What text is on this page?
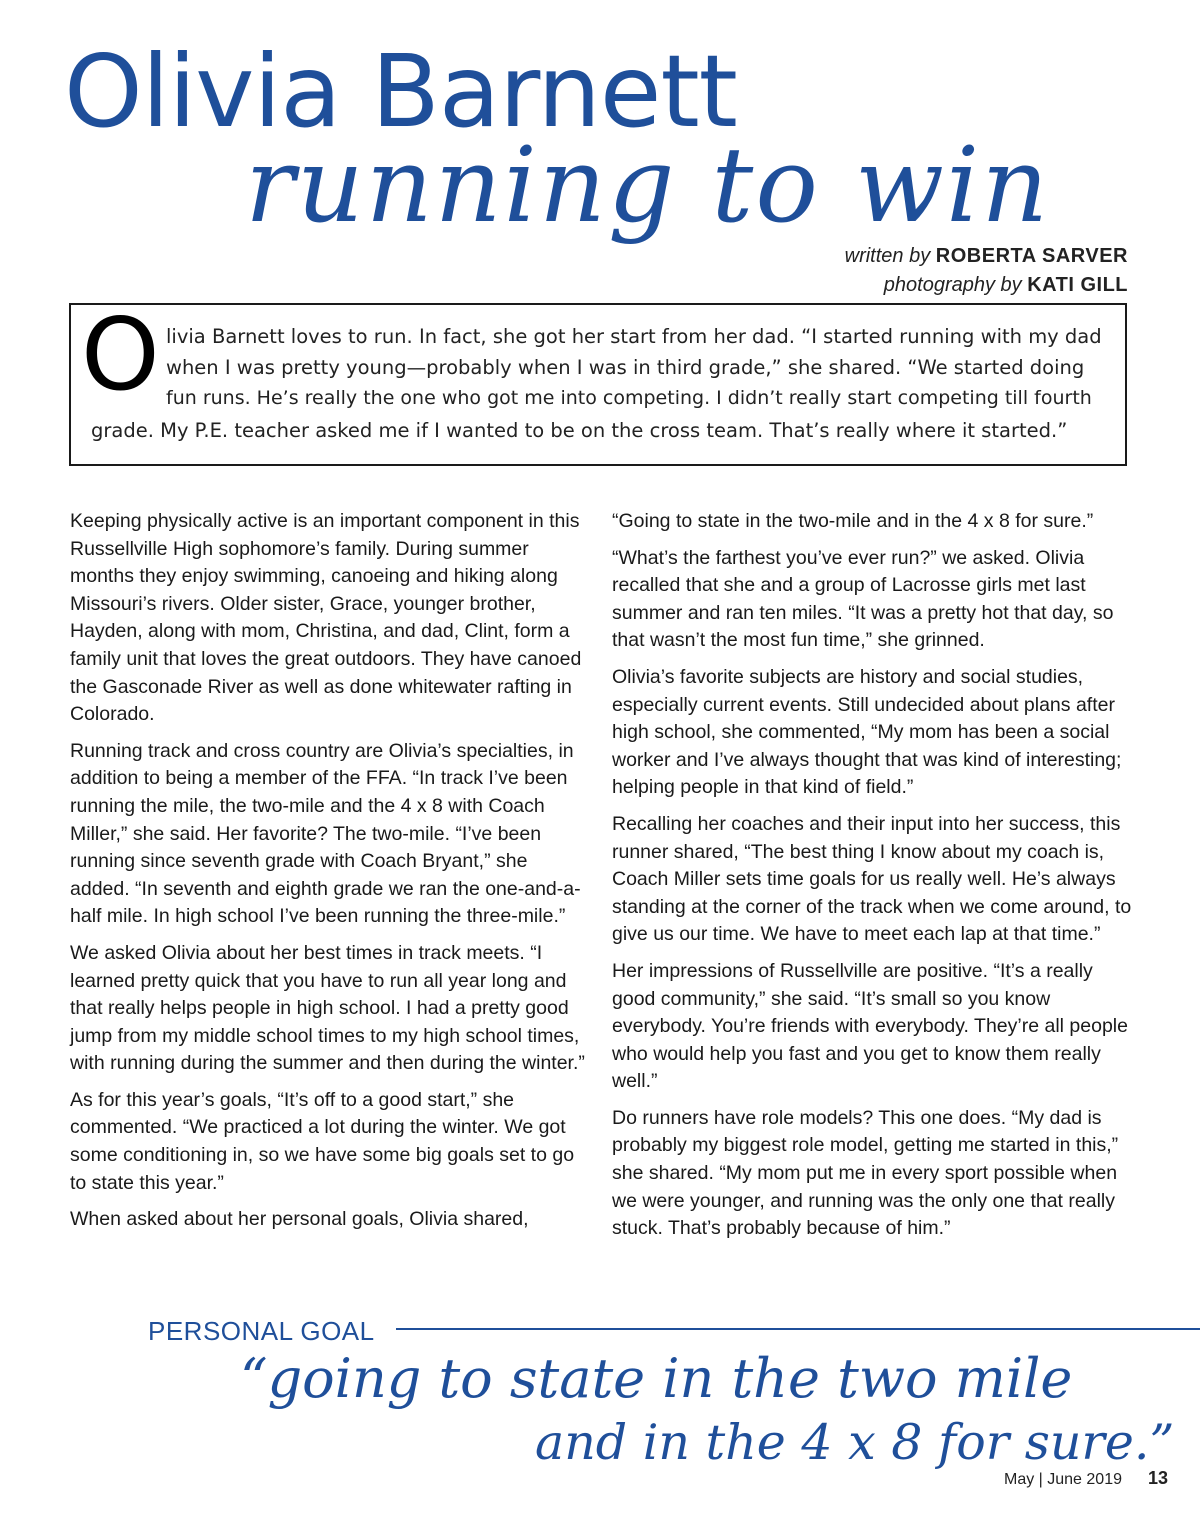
Olivia Barnett
running to win
written by ROBERTA SARVER
photography by KATI GILL
O livia Barnett loves to run. In fact, she got her start from her dad. “I started running with my dad
when I was pretty young—probably when I was in third grade,” she shared. “We started doing
fun runs. He’s really the one who got me into competing. I didn’t really start competing till fourth
grade. My P.E. teacher asked me if I wanted to be on the cross team. That’s really where it started.”

Keeping physically active is an important component in this Russellville High sophomore’s family. During summer months they enjoy swimming, canoeing and hiking along Missouri’s rivers. Older sister, Grace, younger brother, Hayden, along with mom, Christina, and dad, Clint, form a family unit that loves the great outdoors. They have canoed the Gasconade River as well as done whitewater rafting in Colorado.

Running track and cross country are Olivia’s specialties, in addition to being a member of the FFA. “In track I’ve been running the mile, the two-mile and the 4 x 8 with Coach Miller,” she said. Her favorite? The two-mile. “I’ve been running since seventh grade with Coach Bryant,” she added. “In seventh and eighth grade we ran the one-and-a-half mile. In high school I’ve been running the three-mile.”

We asked Olivia about her best times in track meets. “I learned pretty quick that you have to run all year long and that really helps people in high school. I had a pretty good jump from my middle school times to my high school times, with running during the summer and then during the winter.”

As for this year’s goals, “It’s off to a good start,” she commented. “We practiced a lot during the winter. We got some conditioning in, so we have some big goals set to go to state this year.”

When asked about her personal goals, Olivia shared,

“Going to state in the two-mile and in the 4 x 8 for sure.”

“What’s the farthest you’ve ever run?” we asked. Olivia recalled that she and a group of Lacrosse girls met last summer and ran ten miles. “It was a pretty hot that day, so that wasn’t the most fun time,” she grinned.

Olivia’s favorite subjects are history and social studies, especially current events. Still undecided about plans after high school, she commented, “My mom has been a social worker and I’ve always thought that was kind of interesting; helping people in that kind of field.”

Recalling her coaches and their input into her success, this runner shared, “The best thing I know about my coach is, Coach Miller sets time goals for us really well. He’s always standing at the corner of the track when we come around, to give us our time. We have to meet each lap at that time.”

Her impressions of Russellville are positive. “It’s a really good community,” she said. “It’s small so you know everybody. You’re friends with everybody. They’re all people who would help you fast and you get to know them really well.”

Do runners have role models? This one does. “My dad is probably my biggest role model, getting me started in this,” she shared. “My mom put me in every sport possible when we were younger, and running was the only one that really stuck. That’s probably because of him.”

PERSONAL GOAL
“going to state in the two mile
and in the 4 x 8 for sure.”
May | June 2019 13
